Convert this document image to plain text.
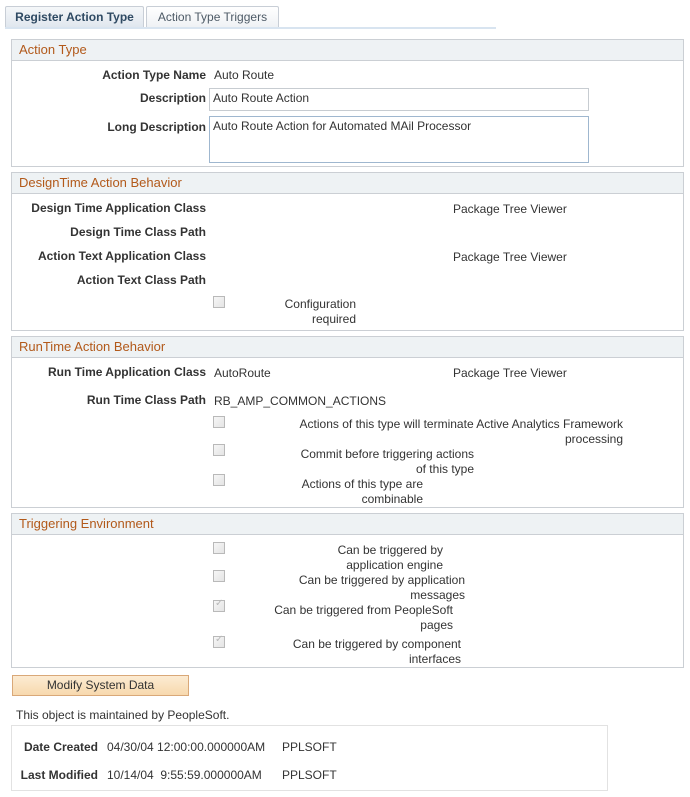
Register Action Type	Action Type Triggers
Action Type
Action Type Name Auto Route
Description Auto Route Action
Long Description Auto Route Action for Automated MAil Processor
DesignTime Action Behavior
Design Time Application Class	Package Tree Viewer
Design Time Class Path
Action Text Application Class	Package Tree Viewer
Action Text Class Path
Configuration
required
RunTime Action Behavior
Run Time Application Class AutoRoute	Package Tree Viewer
Run Time Class Path RB_AMP_COMMON_ACTIONS
Actions of this type will terminate Active Analytics Framework
processing
Commit before triggering actions
of this type
Actions of this type are
combinable
Triggering Environment
Can be triggered by
application engine
Can be triggered by application
messages
✓	Can be triggered from PeopleSoft
pages
✓	Can be triggered by component
interfaces
Modify System Data
This object is maintained by PeopleSoft.
Date Created 04/30/04 12:00:00.000000AM PPLSOFT
Last Modified 10/14/04  9:55:59.000000AM PPLSOFT
